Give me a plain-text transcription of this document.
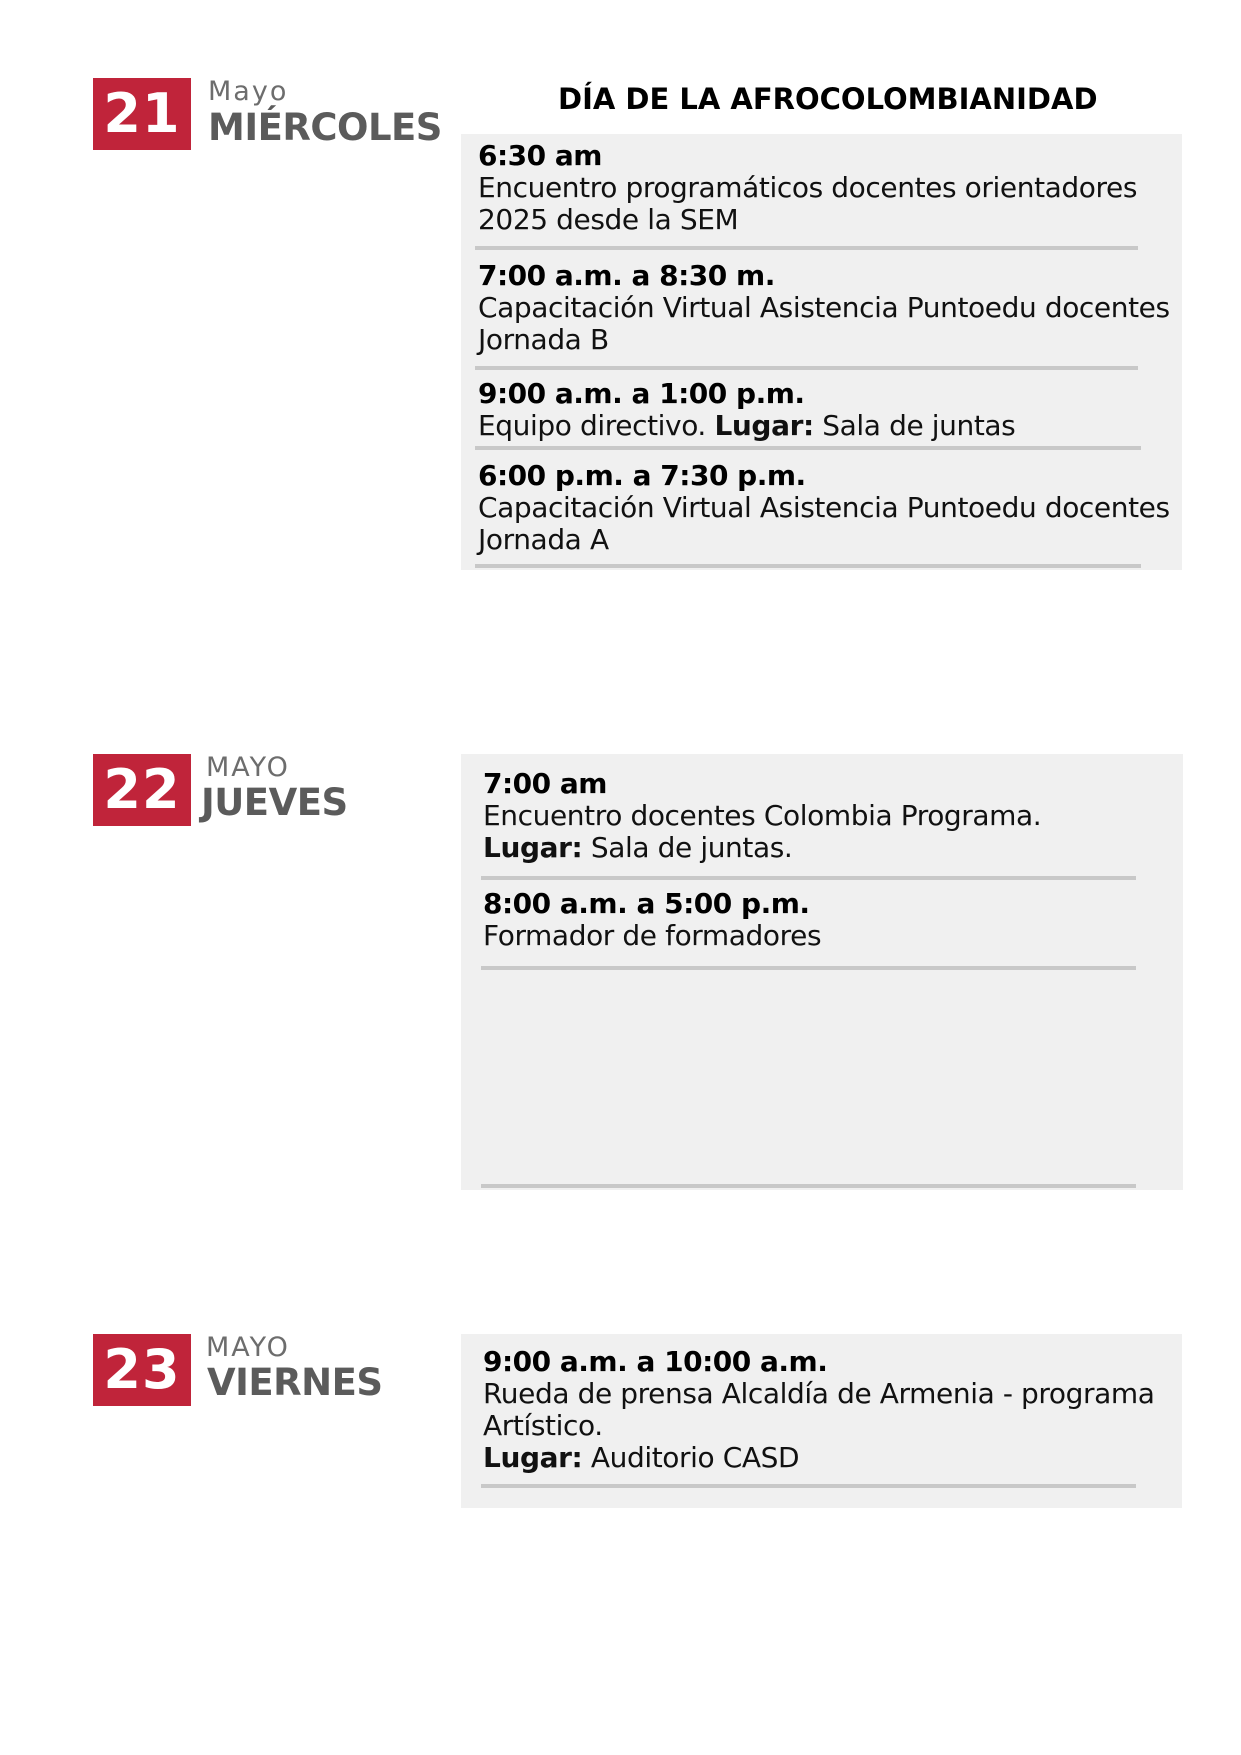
21	Mayo
MIÉRCOLES
DÍA DE LA AFROCOLOMBIANIDAD
6:30 am
Encuentro programáticos docentes orientadores
2025 desde la SEM
7:00 a.m. a 8:30 m.
Capacitación Virtual Asistencia Puntoedu docentes
Jornada B
9:00 a.m. a 1:00 p.m.
Equipo directivo. Lugar: Sala de juntas
6:00 p.m. a 7:30 p.m.
Capacitación Virtual Asistencia Puntoedu docentes
Jornada A
22 MAYO
JUEVES	7:00 am
Encuentro docentes Colombia Programa.
Lugar: Sala de juntas.
8:00 a.m. a 5:00 p.m.
Formador de formadores
23 MAYO
VIERNES	9:00 a.m. a 10:00 a.m.
Rueda de prensa Alcaldía de Armenia - programa
Artístico.
Lugar: Auditorio CASD
